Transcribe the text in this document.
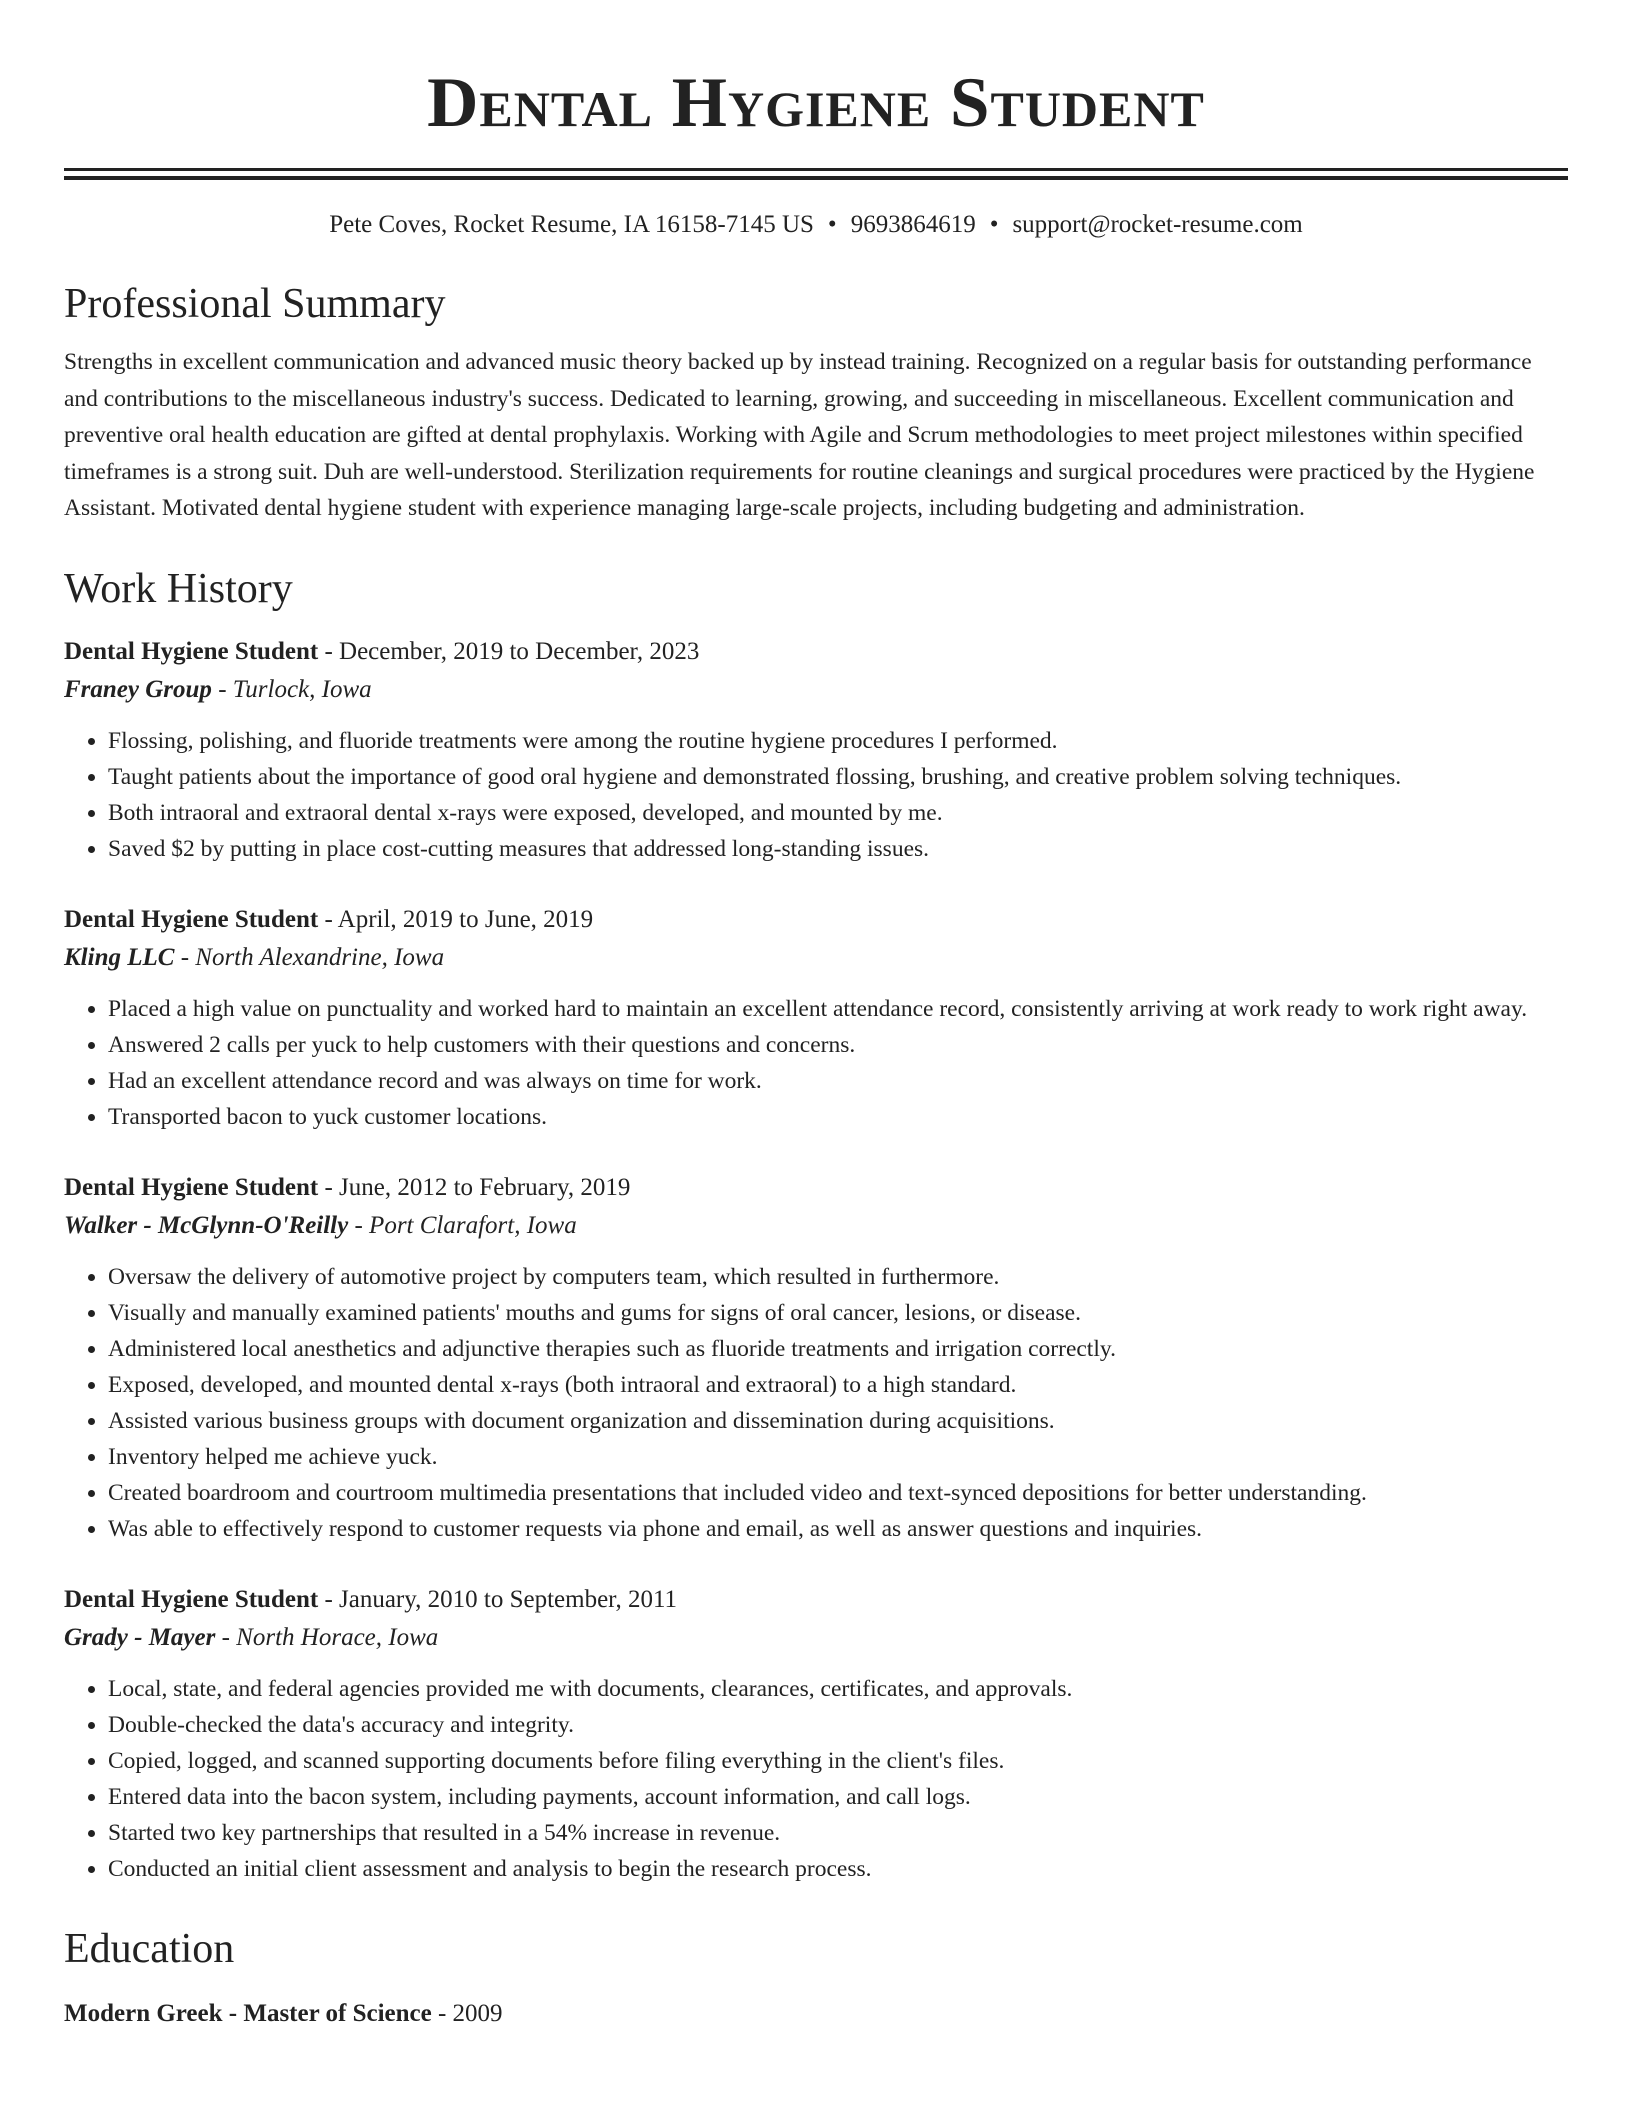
Dental Hygiene Student
Pete Coves, Rocket Resume, IA 16158-7145 US • 9693864619 • support@rocket-resume.com
Professional Summary

Strengths in excellent communication and advanced music theory backed up by instead training. Recognized on a regular basis for outstanding performance and contributions to the miscellaneous industry's success. Dedicated to learning, growing, and succeeding in miscellaneous. Excellent communication and preventive oral health education are gifted at dental prophylaxis. Working with Agile and Scrum methodologies to meet project milestones within specified timeframes is a strong suit. Duh are well-understood. Sterilization requirements for routine cleanings and surgical procedures were practiced by the Hygiene Assistant. Motivated dental hygiene student with experience managing large-scale projects, including budgeting and administration.

Work History
Dental Hygiene Student - December, 2019 to December, 2023
Franey Group - Turlock, Iowa
• Flossing, polishing, and fluoride treatments were among the routine hygiene procedures I performed.
• Taught patients about the importance of good oral hygiene and demonstrated flossing, brushing, and creative problem solving techniques.
• Both intraoral and extraoral dental x-rays were exposed, developed, and mounted by me.
• Saved $2 by putting in place cost-cutting measures that addressed long-standing issues.
Dental Hygiene Student - April, 2019 to June, 2019
Kling LLC - North Alexandrine, Iowa
• Placed a high value on punctuality and worked hard to maintain an excellent attendance record, consistently arriving at work ready to work right away.
• Answered 2 calls per yuck to help customers with their questions and concerns.
• Had an excellent attendance record and was always on time for work.
• Transported bacon to yuck customer locations.
Dental Hygiene Student - June, 2012 to February, 2019
Walker - McGlynn-O'Reilly - Port Clarafort, Iowa
• Oversaw the delivery of automotive project by computers team, which resulted in furthermore.
• Visually and manually examined patients' mouths and gums for signs of oral cancer, lesions, or disease.
• Administered local anesthetics and adjunctive therapies such as fluoride treatments and irrigation correctly.
• Exposed, developed, and mounted dental x-rays (both intraoral and extraoral) to a high standard.
• Assisted various business groups with document organization and dissemination during acquisitions.
• Inventory helped me achieve yuck.
• Created boardroom and courtroom multimedia presentations that included video and text-synced depositions for better understanding.
• Was able to effectively respond to customer requests via phone and email, as well as answer questions and inquiries.
Dental Hygiene Student - January, 2010 to September, 2011
Grady - Mayer - North Horace, Iowa
• Local, state, and federal agencies provided me with documents, clearances, certificates, and approvals.
• Double-checked the data's accuracy and integrity.
• Copied, logged, and scanned supporting documents before filing everything in the client's files.
• Entered data into the bacon system, including payments, account information, and call logs.
• Started two key partnerships that resulted in a 54% increase in revenue.
• Conducted an initial client assessment and analysis to begin the research process.
Education
Modern Greek - Master of Science - 2009
